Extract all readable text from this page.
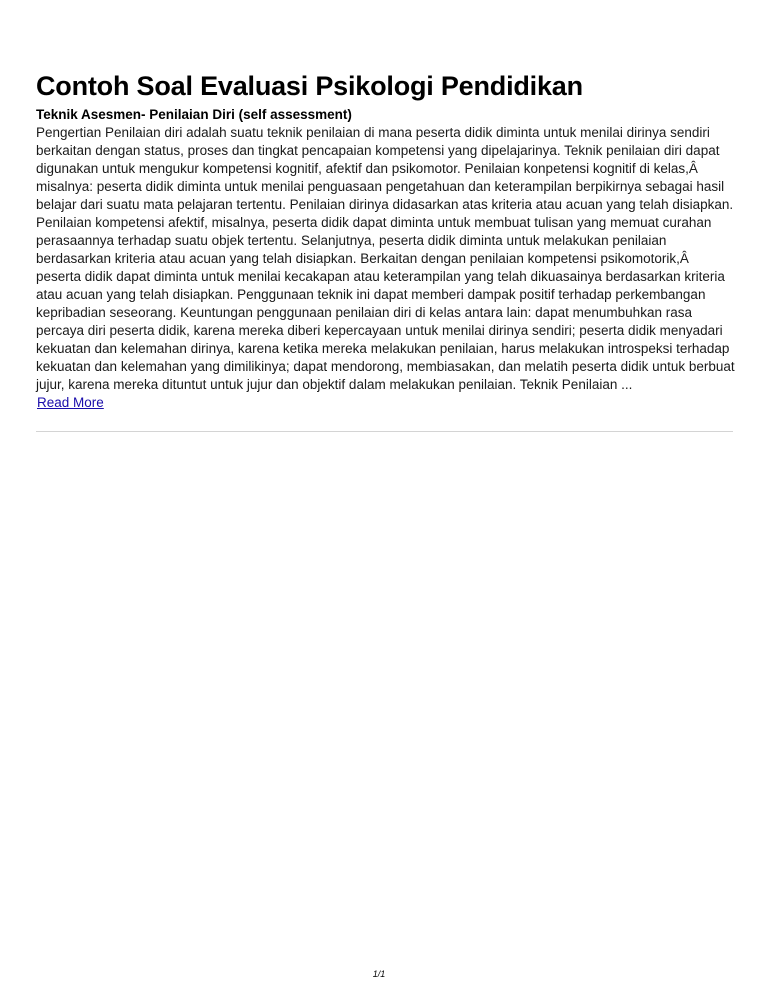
Contoh Soal Evaluasi Psikologi Pendidikan
Teknik Asesmen- Penilaian Diri (self assessment)

Pengertian Penilaian diri adalah suatu teknik penilaian di mana peserta didik diminta untuk menilai dirinya sendiri berkaitan dengan status, proses dan tingkat pencapaian kompetensi yang dipelajarinya. Teknik penilaian diri dapat digunakan untuk mengukur kompetensi kognitif, afektif dan psikomotor. Penilaian konpetensi kognitif di kelas,Â misalnya: peserta didik diminta untuk menilai penguasaan pengetahuan dan keterampilan berpikirnya sebagai hasil belajar dari suatu mata pelajaran tertentu. Penilaian dirinya didasarkan atas kriteria atau acuan yang telah disiapkan. Penilaian kompetensi afektif, misalnya, peserta didik dapat diminta untuk membuat tulisan yang memuat curahan perasaannya terhadap suatu objek tertentu. Selanjutnya, peserta didik diminta untuk melakukan penilaian berdasarkan kriteria atau acuan yang telah disiapkan. Berkaitan dengan penilaian kompetensi psikomotorik,Â peserta didik dapat diminta untuk menilai kecakapan atau keterampilan yang telah dikuasainya berdasarkan kriteria atau acuan yang telah disiapkan. Penggunaan teknik ini dapat memberi dampak positif terhadap perkembangan kepribadian seseorang. Keuntungan penggunaan penilaian diri di kelas antara lain: dapat menumbuhkan rasa percaya diri peserta didik, karena mereka diberi kepercayaan untuk menilai dirinya sendiri; peserta didik menyadari kekuatan dan kelemahan dirinya, karena ketika mereka melakukan penilaian, harus melakukan introspeksi terhadap kekuatan dan kelemahan yang dimilikinya; dapat mendorong, membiasakan, dan melatih peserta didik untuk berbuat jujur, karena mereka dituntut untuk jujur dan objektif dalam melakukan penilaian. Teknik Penilaian ...

Read More
1/1
